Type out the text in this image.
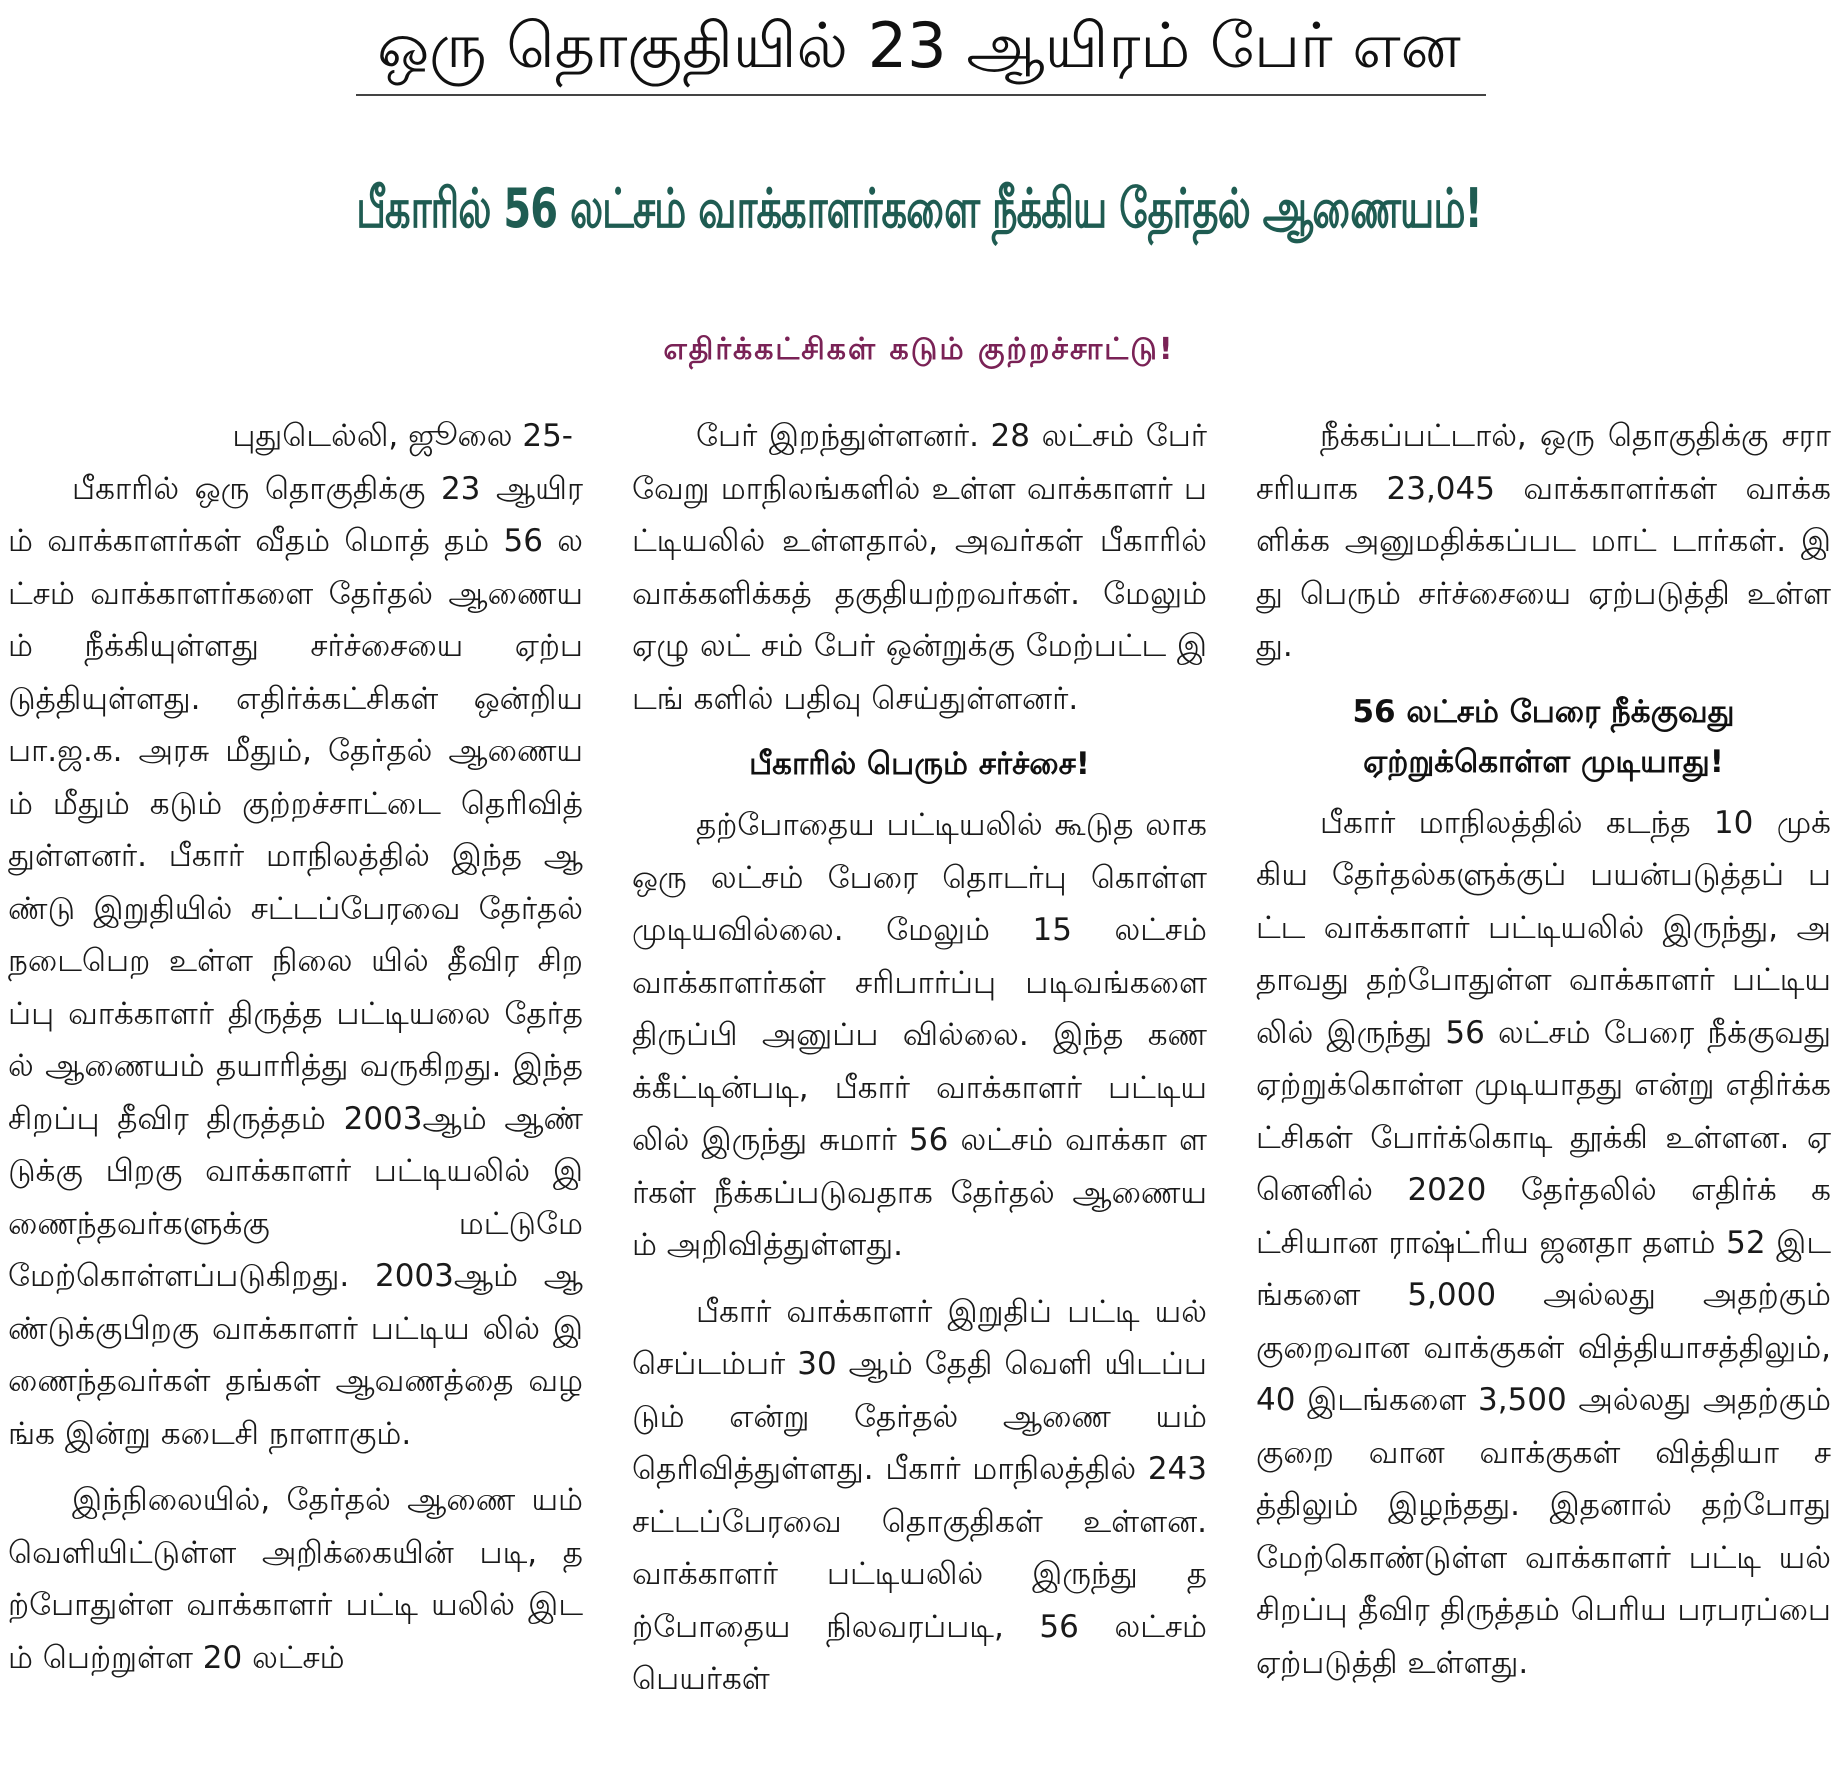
ஒரு தொகுதியில் 23 ஆயிரம் பேர் என
பீகாரில் 56 லட்சம் வாக்காளர்களை நீக்கிய தேர்தல் ஆணையம்!
எதிர்க்கட்சிகள் கடும் குற்றச்சாட்டு!
புதுடெல்லி, ஜூலை 25-

பீகாரில் ஒரு தொகுதிக்கு 23 ஆயிரம் வாக்காளர்கள் வீதம் மொத் தம் 56 லட்சம் வாக்காளர்களை தேர்தல் ஆணையம் நீக்கியுள்ளது சர்ச்சையை ஏற்படுத்தியுள்ளது. எதிர்க்கட்சிகள் ஒன்றிய பா.ஜ.க. அரசு மீதும், தேர்தல் ஆணையம் மீதும் கடும் குற்றச்சாட்டை தெரிவித் துள்ளனர். பீகார் மாநிலத்தில் இந்த ஆண்டு இறுதியில் சட்டப்பேரவை தேர்தல் நடைபெற உள்ள நிலை யில் தீவிர சிறப்பு வாக்காளர் திருத்த பட்டியலை தேர்தல் ஆணையம் தயாரித்து வருகிறது. இந்த சிறப்பு தீவிர திருத்தம் 2003ஆம் ஆண் டுக்கு பிறகு வாக்காளர் பட்டியலில் இணைந்தவர்களுக்கு மட்டுமே மேற்கொள்ளப்படுகிறது. 2003ஆம் ஆண்டுக்குபிறகு வாக்காளர் பட்டிய லில் இணைந்தவர்கள் தங்கள் ஆவணத்தை வழங்க இன்று கடைசி நாளாகும்.

இந்நிலையில், தேர்தல் ஆணை யம் வெளியிட்டுள்ள அறிக்கையின் படி, தற்போதுள்ள வாக்காளர் பட்டி யலில் இடம் பெற்றுள்ள 20 லட்சம்

பேர் இறந்துள்ளனர். 28 லட்சம் பேர் வேறு மாநிலங்களில் உள்ள வாக்காளர் பட்டியலில் உள்ளதால், அவர்கள் பீகாரில் வாக்களிக்கத் தகுதியற்றவர்கள். மேலும் ஏழு லட் சம் பேர் ஒன்றுக்கு மேற்பட்ட இடங் களில் பதிவு செய்துள்ளனர்.

பீகாரில் பெரும் சர்ச்சை!

தற்போதைய பட்டியலில் கூடுத லாக ஒரு லட்சம் பேரை தொடர்பு கொள்ள முடியவில்லை. மேலும் 15 லட்சம் வாக்காளர்கள் சரிபார்ப்பு படிவங்களை திருப்பி அனுப்ப வில்லை. இந்த கணக்கீட்டின்படி, பீகார் வாக்காளர் பட்டியலில் இருந்து சுமார் 56 லட்சம் வாக்கா ளர்கள் நீக்கப்படுவதாக தேர்தல் ஆணையம் அறிவித்துள்ளது.

பீகார் வாக்காளர் இறுதிப் பட்டி யல் செப்டம்பர் 30 ஆம் தேதி வெளி யிடப்படும் என்று தேர்தல் ஆணை யம் தெரிவித்துள்ளது. பீகார் மாநிலத்தில் 243 சட்டப்பேரவை தொகுதிகள் உள்ளன. வாக்காளர் பட்டியலில் இருந்து தற்போதைய நிலவரப்படி, 56 லட்சம் பெயர்கள்

நீக்கப்பட்டால், ஒரு தொகுதிக்கு சரா சரியாக 23,045 வாக்காளர்கள் வாக்களிக்க அனுமதிக்கப்பட மாட் டார்கள். இது பெரும் சர்ச்சையை ஏற்படுத்தி உள்ளது.

56 லட்சம் பேரை நீக்குவது ஏற்றுக்கொள்ள முடியாது!

பீகார் மாநிலத்தில் கடந்த 10 முக் கிய தேர்தல்களுக்குப் பயன்படுத்தப் பட்ட வாக்காளர் பட்டியலில் இருந்து, அதாவது தற்போதுள்ள வாக்காளர் பட்டியலில் இருந்து 56 லட்சம் பேரை நீக்குவது ஏற்றுக்கொள்ள முடியாதது என்று எதிர்க்கட்சிகள் போர்க்கொடி தூக்கி உள்ளன. ஏனெனில் 2020 தேர்தலில் எதிர்க் கட்சியான ராஷ்ட்ரிய ஜனதா தளம் 52 இடங்களை 5,000 அல்லது அதற்கும் குறைவான வாக்குகள் வித்தியாசத்திலும், 40 இடங்களை 3,500 அல்லது அதற்கும் குறை வான வாக்குகள் வித்தியா சத்திலும் இழந்தது. இதனால் தற்போது மேற்கொண்டுள்ள வாக்காளர் பட்டி யல் சிறப்பு தீவிர திருத்தம் பெரிய பரபரப்பை ஏற்படுத்தி உள்ளது.
